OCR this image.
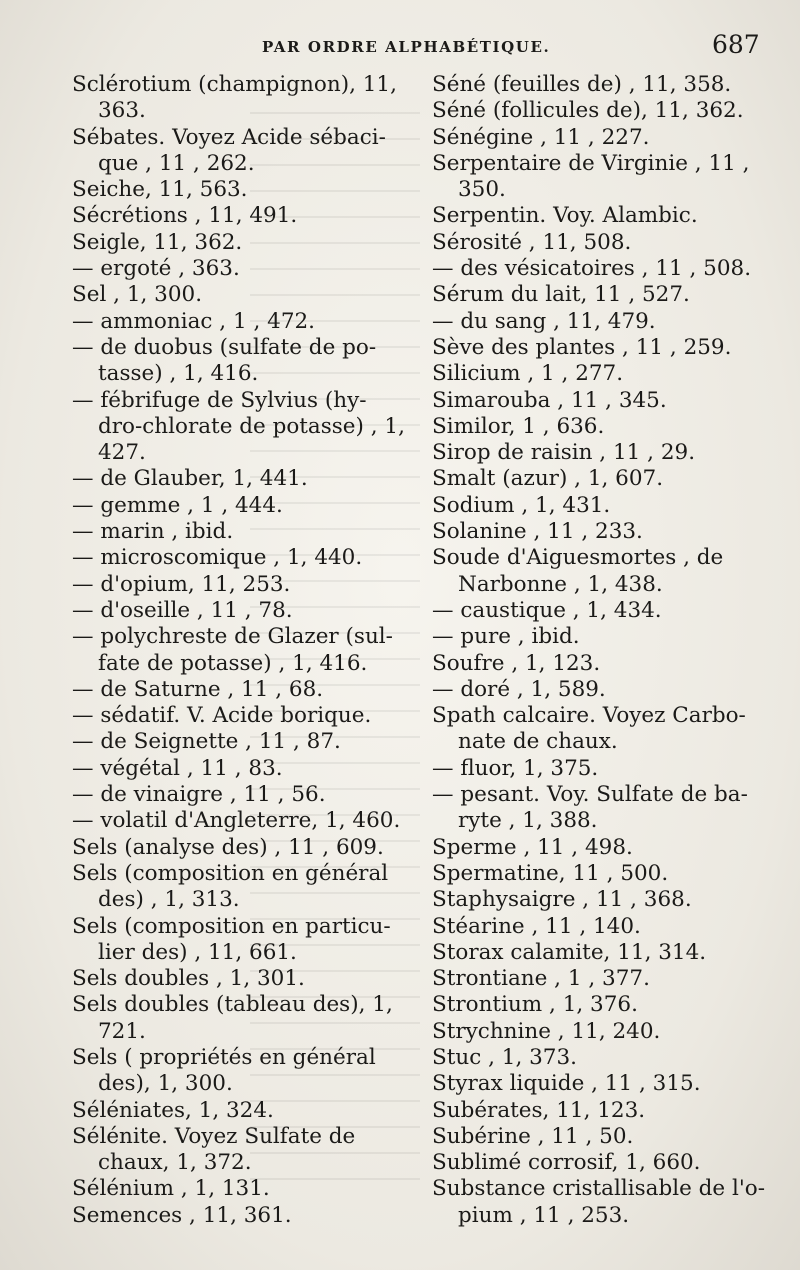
PAR ORDRE ALPHABÉTIQUE.	687
Sclérotium (champignon), 11,
363.
Sébates. Voyez Acide sébaci-
que , 11 , 262.
Seiche, 11, 563.
Sécrétions , 11, 491.
Seigle, 11, 362.
— ergoté , 363.
Sel , 1, 300.
— ammoniac , 1 , 472.
— de duobus (sulfate de po-
tasse) , 1, 416.
— fébrifuge de Sylvius (hy-
dro-chlorate de potasse) , 1,
427.
— de Glauber, 1, 441.
— gemme , 1 , 444.
— marin , ibid.
— microscomique , 1, 440.
— d'opium, 11, 253.
— d'oseille , 11 , 78.
— polychreste de Glazer (sul-
fate de potasse) , 1, 416.
— de Saturne , 11 , 68.
— sédatif. V. Acide borique.
— de Seignette , 11 , 87.
— végétal , 11 , 83.
— de vinaigre , 11 , 56.
— volatil d'Angleterre, 1, 460.
Sels (analyse des) , 11 , 609.
Sels (composition en général
des) , 1, 313.
Sels (composition en particu-
lier des) , 11, 661.
Sels doubles , 1, 301.
Sels doubles (tableau des), 1,
721.
Sels ( propriétés en général
des), 1, 300.
Séléniates, 1, 324.
Sélénite. Voyez Sulfate de
chaux, 1, 372.
Sélénium , 1, 131.
Semences , 11, 361.
Séné (feuilles de) , 11, 358.
Séné (follicules de), 11, 362.
Sénégine , 11 , 227.
Serpentaire de Virginie , 11 ,
350.
Serpentin. Voy. Alambic.
Sérosité , 11, 508.
— des vésicatoires , 11 , 508.
Sérum du lait, 11 , 527.
— du sang , 11, 479.
Sève des plantes , 11 , 259.
Silicium , 1 , 277.
Simarouba , 11 , 345.
Similor, 1 , 636.
Sirop de raisin , 11 , 29.
Smalt (azur) , 1, 607.
Sodium , 1, 431.
Solanine , 11 , 233.
Soude d'Aiguesmortes , de
Narbonne , 1, 438.
— caustique , 1, 434.
— pure , ibid.
Soufre , 1, 123.
— doré , 1, 589.
Spath calcaire. Voyez Carbo-
nate de chaux.
— fluor, 1, 375.
— pesant. Voy. Sulfate de ba-
ryte , 1, 388.
Sperme , 11 , 498.
Spermatine, 11 , 500.
Staphysaigre , 11 , 368.
Stéarine , 11 , 140.
Storax calamite, 11, 314.
Strontiane , 1 , 377.
Strontium , 1, 376.
Strychnine , 11, 240.
Stuc , 1, 373.
Styrax liquide , 11 , 315.
Subérates, 11, 123.
Subérine , 11 , 50.
Sublimé corrosif, 1, 660.
Substance cristallisable de l'o-
pium , 11 , 253.
